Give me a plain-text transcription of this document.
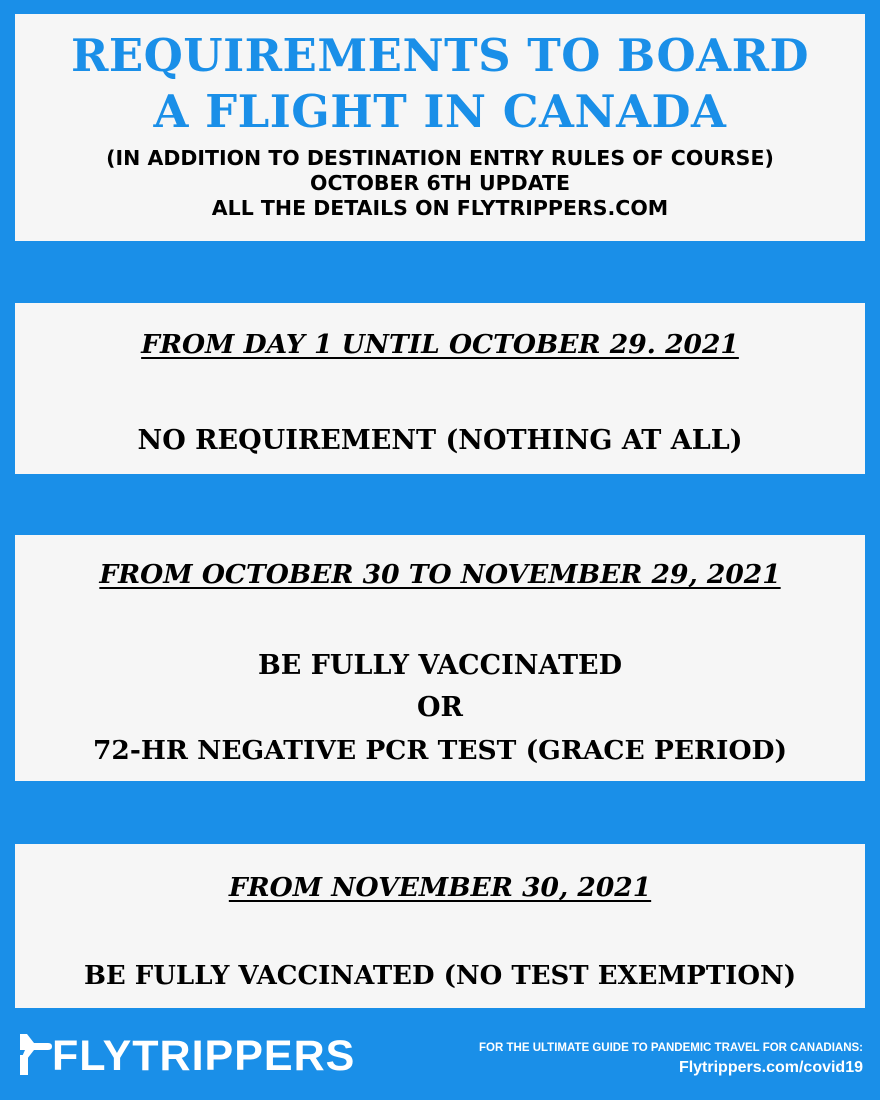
REQUIREMENTS TO BOARD
A FLIGHT IN CANADA

(IN ADDITION TO DESTINATION ENTRY RULES OF COURSE)

OCTOBER 6TH UPDATE

ALL THE DETAILS ON FLYTRIPPERS.COM

FROM DAY 1 UNTIL OCTOBER 29. 2021

NO REQUIREMENT (NOTHING AT ALL)

FROM OCTOBER 30 TO NOVEMBER 29, 2021

BE FULLY VACCINATED

OR

72-HR NEGATIVE PCR TEST (GRACE PERIOD)

FROM NOVEMBER 30, 2021

BE FULLY VACCINATED (NO TEST EXEMPTION)

FLYTRIPPERS	FOR THE ULTIMATE GUIDE TO PANDEMIC TRAVEL FOR CANADIANS:
Flytrippers.com/covid19
